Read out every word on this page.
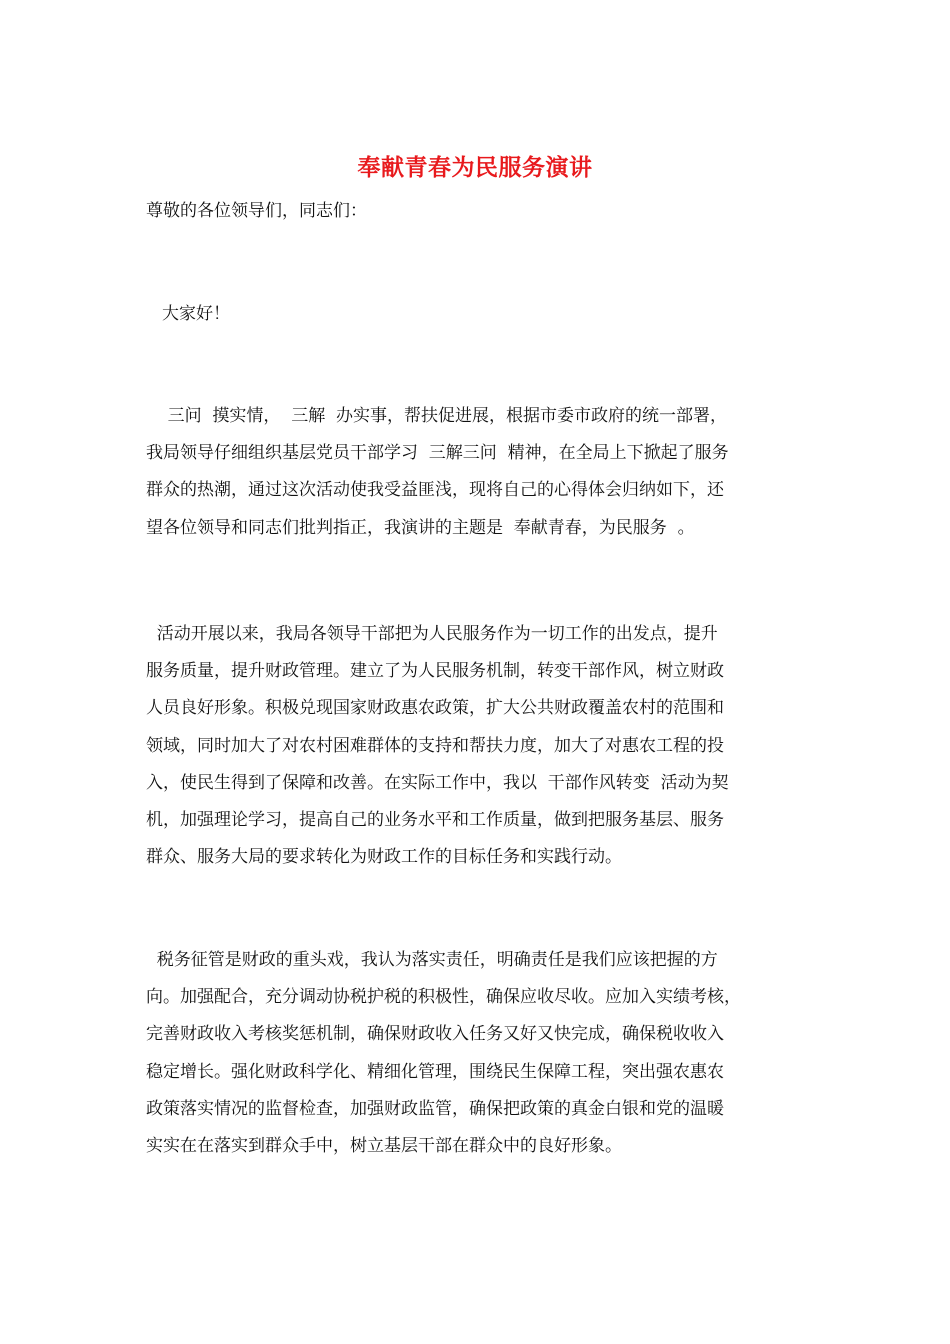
奉献青春为民服务演讲
尊敬的各位领导们，同志们：
大家好！
三问  摸实情，  三解  办实事，帮扶促进展，根据市委市政府的统一部署，
我局领导仔细组织基层党员干部学习  三解三问  精神，在全局上下掀起了服务
群众的热潮，通过这次活动使我受益匪浅，现将自己的心得体会归纳如下，还
望各位领导和同志们批判指正，我演讲的主题是  奉献青春，为民服务  。
活动开展以来，我局各领导干部把为人民服务作为一切工作的出发点，提升
服务质量，提升财政管理。建立了为人民服务机制，转变干部作风，树立财政
人员良好形象。积极兑现国家财政惠农政策，扩大公共财政覆盖农村的范围和
领域，同时加大了对农村困难群体的支持和帮扶力度，加大了对惠农工程的投
入，使民生得到了保障和改善。在实际工作中，我以  干部作风转变  活动为契
机，加强理论学习，提高自己的业务水平和工作质量，做到把服务基层、服务
群众、服务大局的要求转化为财政工作的目标任务和实践行动。
税务征管是财政的重头戏，我认为落实责任，明确责任是我们应该把握的方
向。加强配合，充分调动协税护税的积极性，确保应收尽收。应加入实绩考核，
完善财政收入考核奖惩机制，确保财政收入任务又好又快完成，确保税收收入
稳定增长。强化财政科学化、精细化管理，围绕民生保障工程，突出强农惠农
政策落实情况的监督检查，加强财政监管，确保把政策的真金白银和党的温暖
实实在在落实到群众手中，树立基层干部在群众中的良好形象。
